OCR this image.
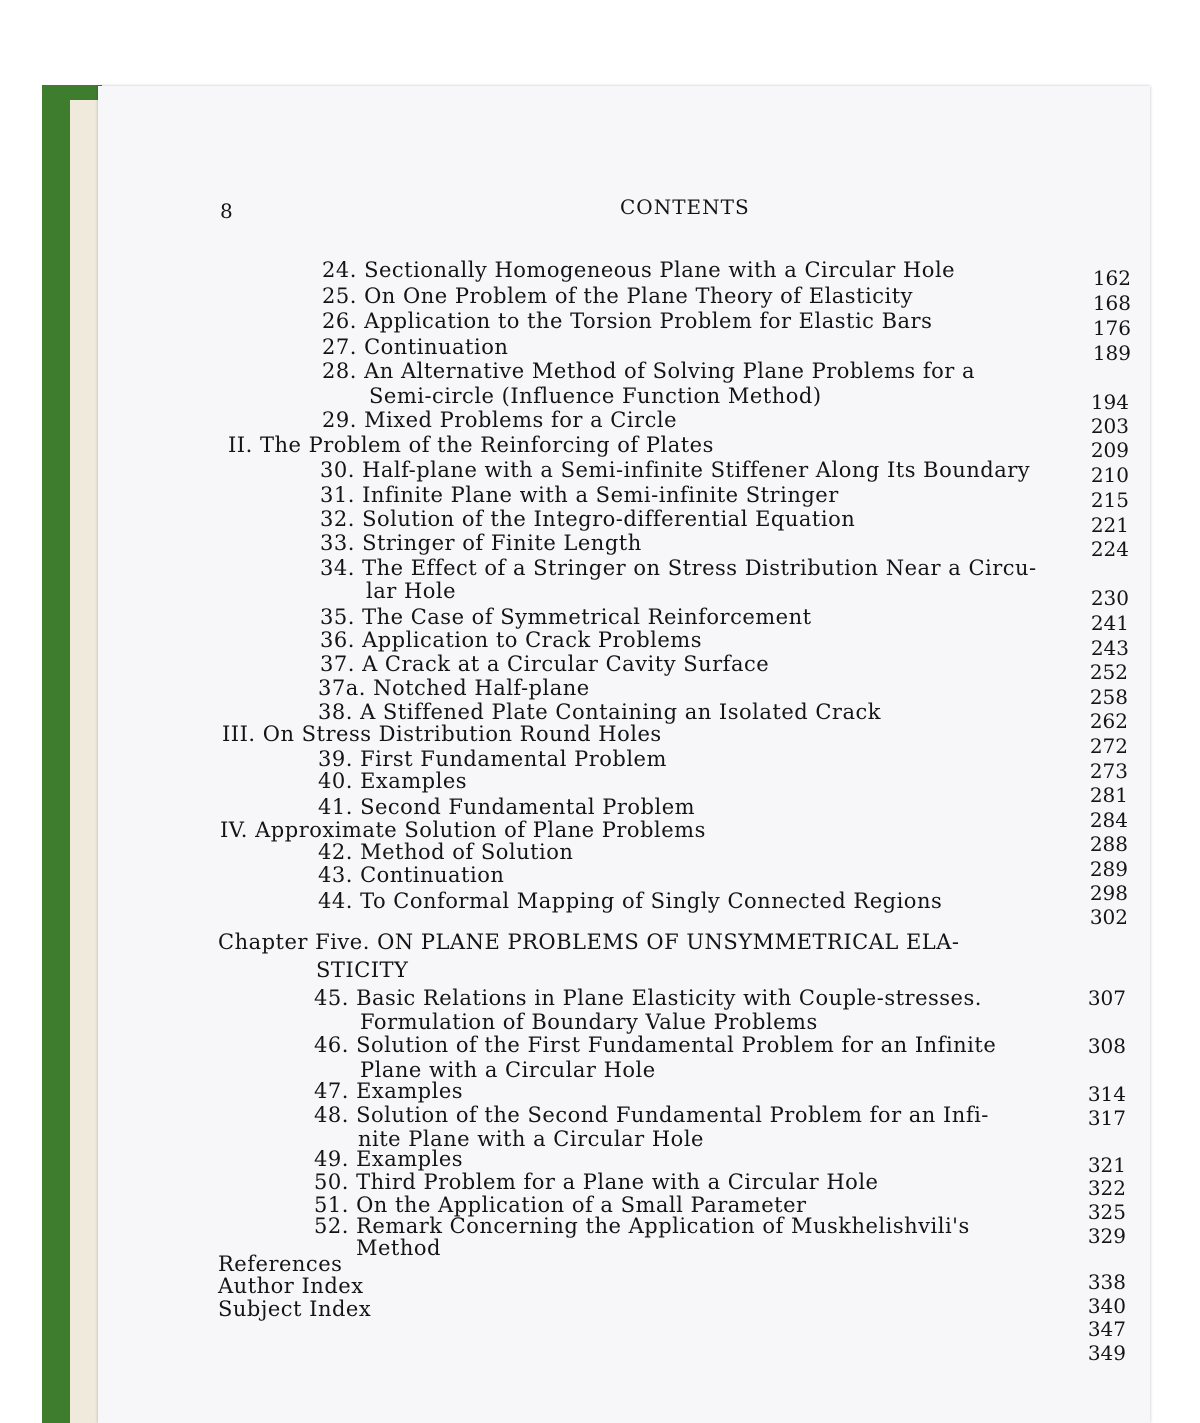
8	CONTENTS
24. Sectionally Homogeneous Plane with a Circular Hole
25. On One Problem of the Plane Theory of Elasticity
26. Application to the Torsion Problem for Elastic Bars
27. Continuation
28. An Alternative Method of Solving Plane Problems for a
Semi-circle (Influence Function Method)
29. Mixed Problems for a Circle
II. The Problem of the Reinforcing of Plates
30. Half-plane with a Semi-infinite Stiffener Along Its Boundary
31. Infinite Plane with a Semi-infinite Stringer
32. Solution of the Integro-differential Equation
33. Stringer of Finite Length
34. The Effect of a Stringer on Stress Distribution Near a Circu-
lar Hole
35. The Case of Symmetrical Reinforcement
36. Application to Crack Problems
37. A Crack at a Circular Cavity Surface
37a. Notched Half-plane
38. A Stiffened Plate Containing an Isolated Crack
III. On Stress Distribution Round Holes
39. First Fundamental Problem
40. Examples
41. Second Fundamental Problem
IV. Approximate Solution of Plane Problems
42. Method of Solution
43. Continuation
44. To Conformal Mapping of Singly Connected Regions
Chapter Five. ON PLANE PROBLEMS OF UNSYMMETRICAL ELA-
STICITY
45. Basic Relations in Plane Elasticity with Couple-stresses.
Formulation of Boundary Value Problems
46. Solution of the First Fundamental Problem for an Infinite
Plane with a Circular Hole
47. Examples
48. Solution of the Second Fundamental Problem for an Infi-
nite Plane with a Circular Hole
49. Examples
50. Third Problem for a Plane with a Circular Hole
51. On the Application of a Small Parameter
52. Remark Concerning the Application of Muskhelishvili's
Method
References
Author Index
Subject Index
162
168
176
189
194
203
209
210
215
221
224
230
241
243
252
258
262
272
273
281
284
288
289
298
302
307
308
314
317
321
322
325
329
338
340
347
349
